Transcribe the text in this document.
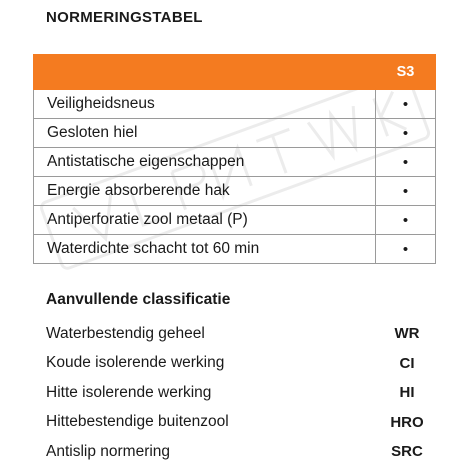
NORMERINGSTABEL
	S3
Veiligheidsneus	•
Gesloten hiel	•
Antistatische eigenschappen	•
Energie absorberende hak	•
Antiperforatie zool metaal (P)	•
Waterdichte schacht tot 60 min	•
Aanvullende classificatie
Waterbestendig geheel	WR
Koude isolerende werking	CI
Hitte isolerende werking	HI
Hittebestendige buitenzool	HRO
Antislip normering	SRC
